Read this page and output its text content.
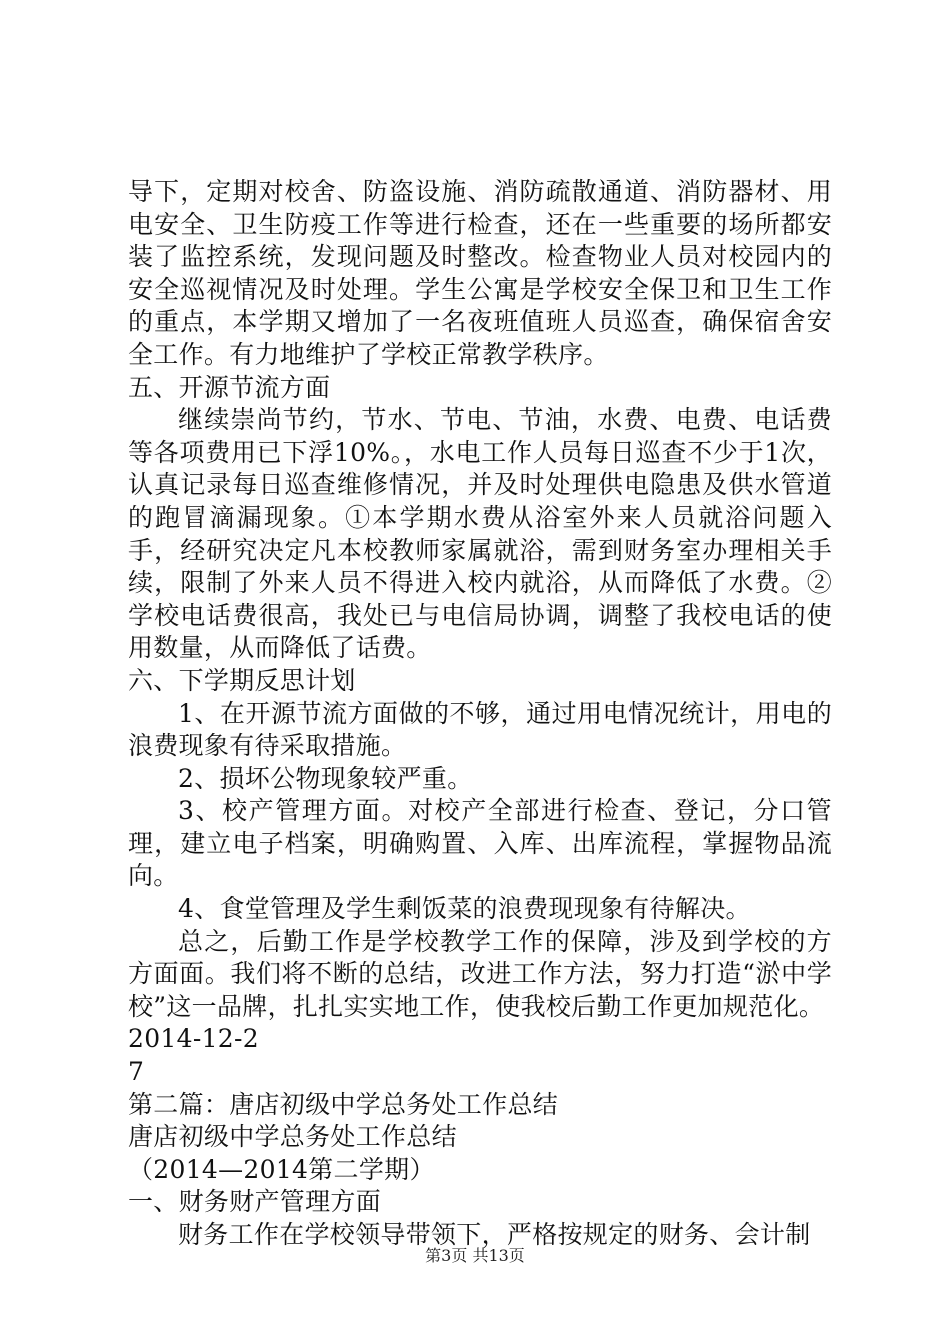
导下，定期对校舍、防盗设施、消防疏散通道、消防器材、用电安全、卫生防疫工作等进行检查，还在一些重要的场所都安装了监控系统，发现问题及时整改。检查物业人员对校园内的安全巡视情况及时处理。学生公寓是学校安全保卫和卫生工作的重点，本学期又增加了一名夜班值班人员巡查，确保宿舍安全工作。有力地维护了学校正常教学秩序。

五、开源节流方面

继续崇尚节约，节水、节电、节油，水费、电费、电话费等各项费用已下浮10%。，水电工作人员每日巡查不少于1次，认真记录每日巡查维修情况，并及时处理供电隐患及供水管道的跑冒滴漏现象。①本学期水费从浴室外来人员就浴问题入手，经研究决定凡本校教师家属就浴，需到财务室办理相关手续，限制了外来人员不得进入校内就浴，从而降低了水费。②学校电话费很高，我处已与电信局协调，调整了我校电话的使用数量，从而降低了话费。

六、下学期反思计划

1、在开源节流方面做的不够，通过用电情况统计，用电的浪费现象有待采取措施。

2、损坏公物现象较严重。

3、校产管理方面。对校产全部进行检查、登记，分口管理，建立电子档案，明确购置、入库、出库流程，掌握物品流向。

4、食堂管理及学生剩饭菜的浪费现现象有待解决。

总之，后勤工作是学校教学工作的保障，涉及到学校的方方面面。我们将不断的总结，改进工作方法，努力打造“淤中学校”这一品牌，扎扎实实地工作，使我校后勤工作更加规范化。

2014-12-2

7

第二篇：唐店初级中学总务处工作总结

唐店初级中学总务处工作总结

（2014—2014第二学期）

一、财务财产管理方面

财务工作在学校领导带领下，严格按规定的财务、会计制

第3页 共13页
